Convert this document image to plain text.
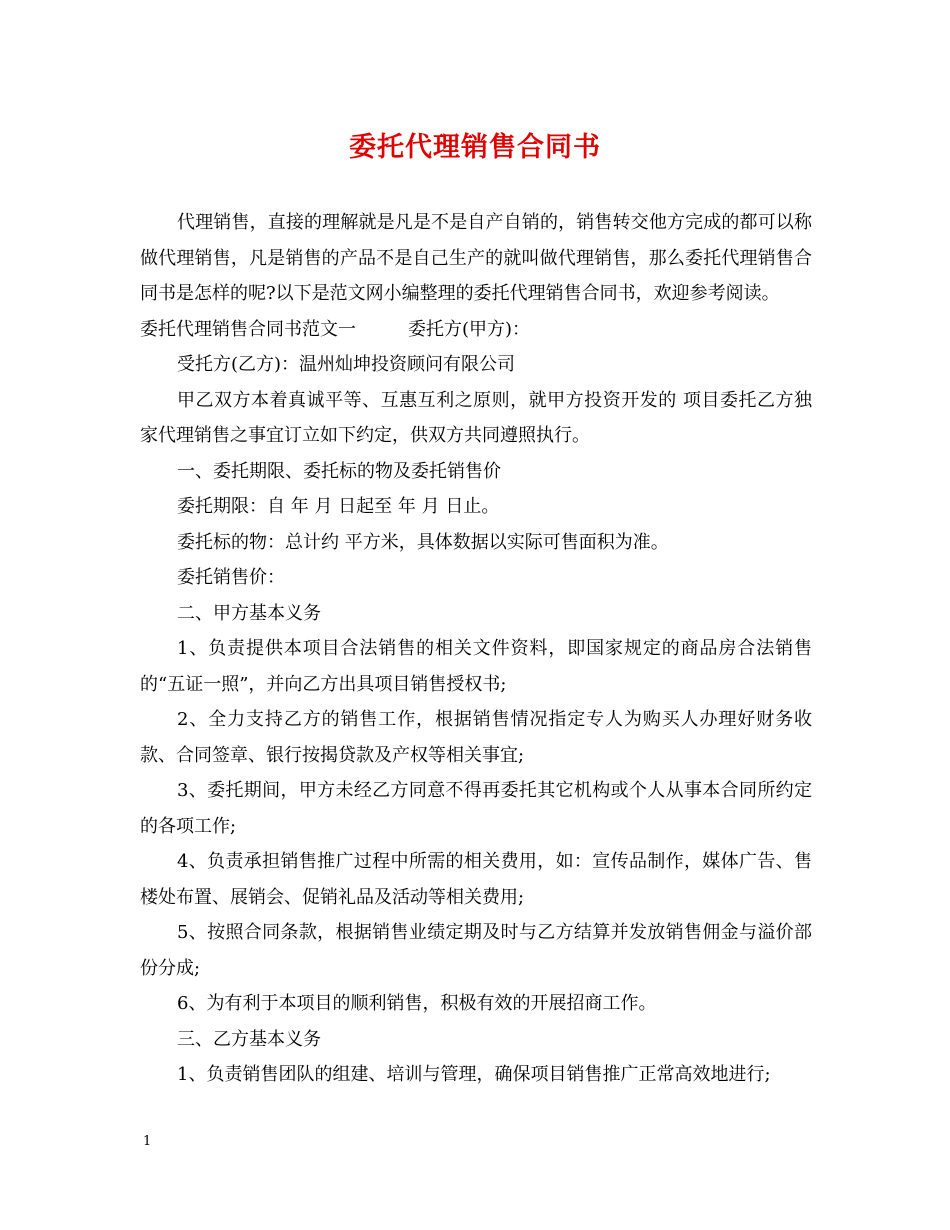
委托代理销售合同书

代理销售，直接的理解就是凡是不是自产自销的，销售转交他方完成的都可以称做代理销售，凡是销售的产品不是自己生产的就叫做代理销售，那么委托代理销售合同书是怎样的呢?以下是范文网小编整理的委托代理销售合同书，欢迎参考阅读。

委托代理销售合同书范文一	委托方(甲方)：

受托方(乙方)：温州灿坤投资顾问有限公司

甲乙双方本着真诚平等、互惠互利之原则，就甲方投资开发的 项目委托乙方独家代理销售之事宜订立如下约定，供双方共同遵照执行。

一、委托期限、委托标的物及委托销售价

委托期限：自 年 月 日起至 年 月 日止。

委托标的物：总计约 平方米，具体数据以实际可售面积为准。

委托销售价：

二、甲方基本义务

1、负责提供本项目合法销售的相关文件资料，即国家规定的商品房合法销售的“五证一照”，并向乙方出具项目销售授权书;

2、全力支持乙方的销售工作，根据销售情况指定专人为购买人办理好财务收款、合同签章、银行按揭贷款及产权等相关事宜;

3、委托期间，甲方未经乙方同意不得再委托其它机构或个人从事本合同所约定的各项工作;

4、负责承担销售推广过程中所需的相关费用，如：宣传品制作，媒体广告、售楼处布置、展销会、促销礼品及活动等相关费用;

5、按照合同条款，根据销售业绩定期及时与乙方结算并发放销售佣金与溢价部份分成;

6、为有利于本项目的顺利销售，积极有效的开展招商工作。

三、乙方基本义务

1、负责销售团队的组建、培训与管理，确保项目销售推广正常高效地进行;

1
